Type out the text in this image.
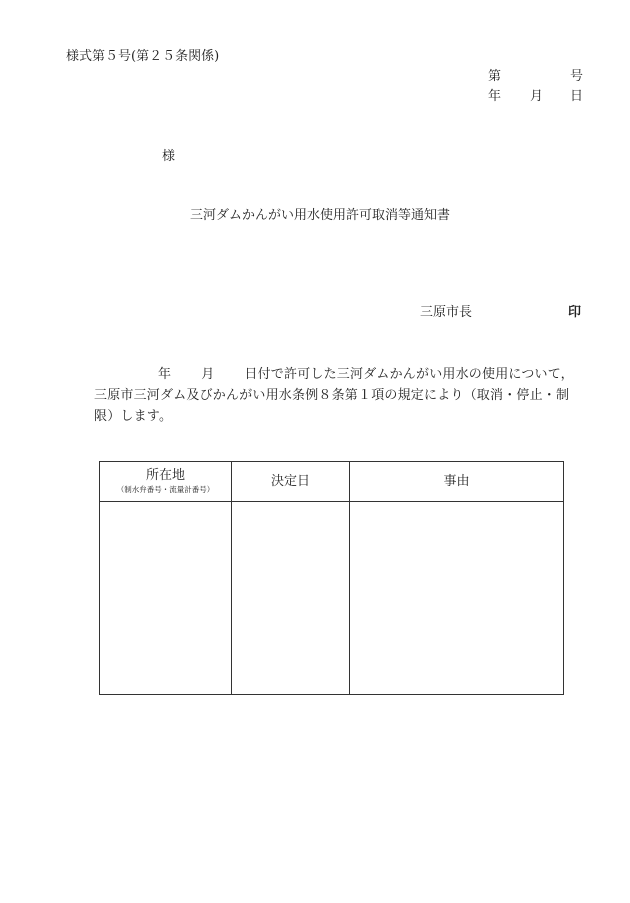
様式第５号(第２５条関係)
第	号
年 月 日
様
三河ダムかんがい用水使用許可取消等通知書
三原市長	印
年 月 日付で許可した三河ダムかんがい用水の使用について，
三原市三河ダム及びかんがい用水条例８条第１項の規定により（取消・停止・制
限）します。
所在地
（制水弁番号・流量計番号）	決定日	事由
